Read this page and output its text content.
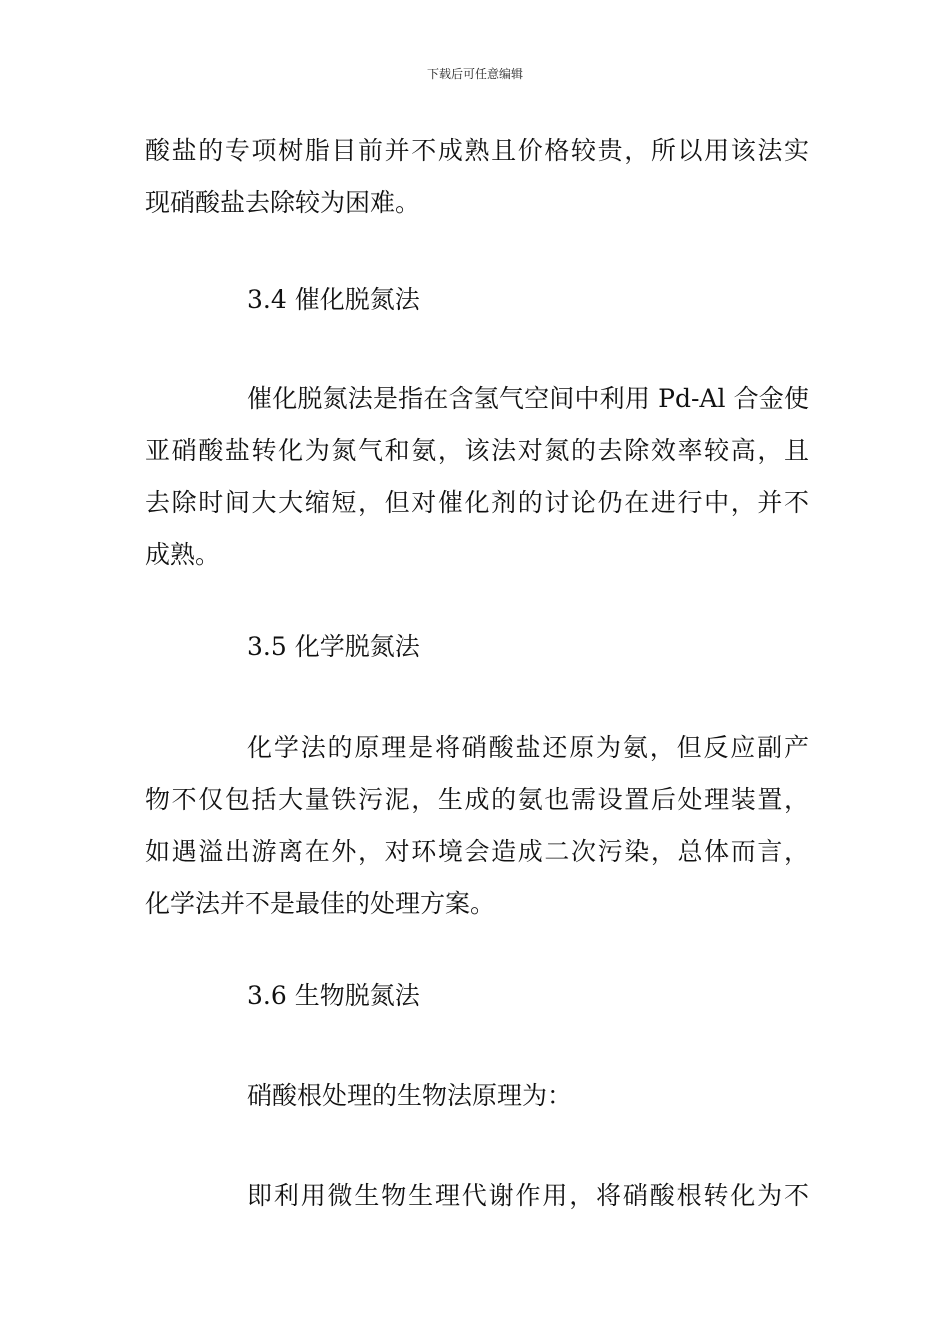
下载后可任意编辑
酸盐的专项树脂目前并不成熟且价格较贵，所以用该法实
现硝酸盐去除较为困难。
3.4 催化脱氮法
催化脱氮法是指在含氢气空间中利用 Pd-Al 合金使
亚硝酸盐转化为氮气和氨，该法对氮的去除效率较高，且
去除时间大大缩短，但对催化剂的讨论仍在进行中，并不
成熟。
3.5 化学脱氮法
化学法的原理是将硝酸盐还原为氨，但反应副产
物不仅包括大量铁污泥，生成的氨也需设置后处理装置，
如遇溢出游离在外，对环境会造成二次污染，总体而言，
化学法并不是最佳的处理方案。
3.6 生物脱氮法
硝酸根处理的生物法原理为：
即利用微生物生理代谢作用，将硝酸根转化为不
